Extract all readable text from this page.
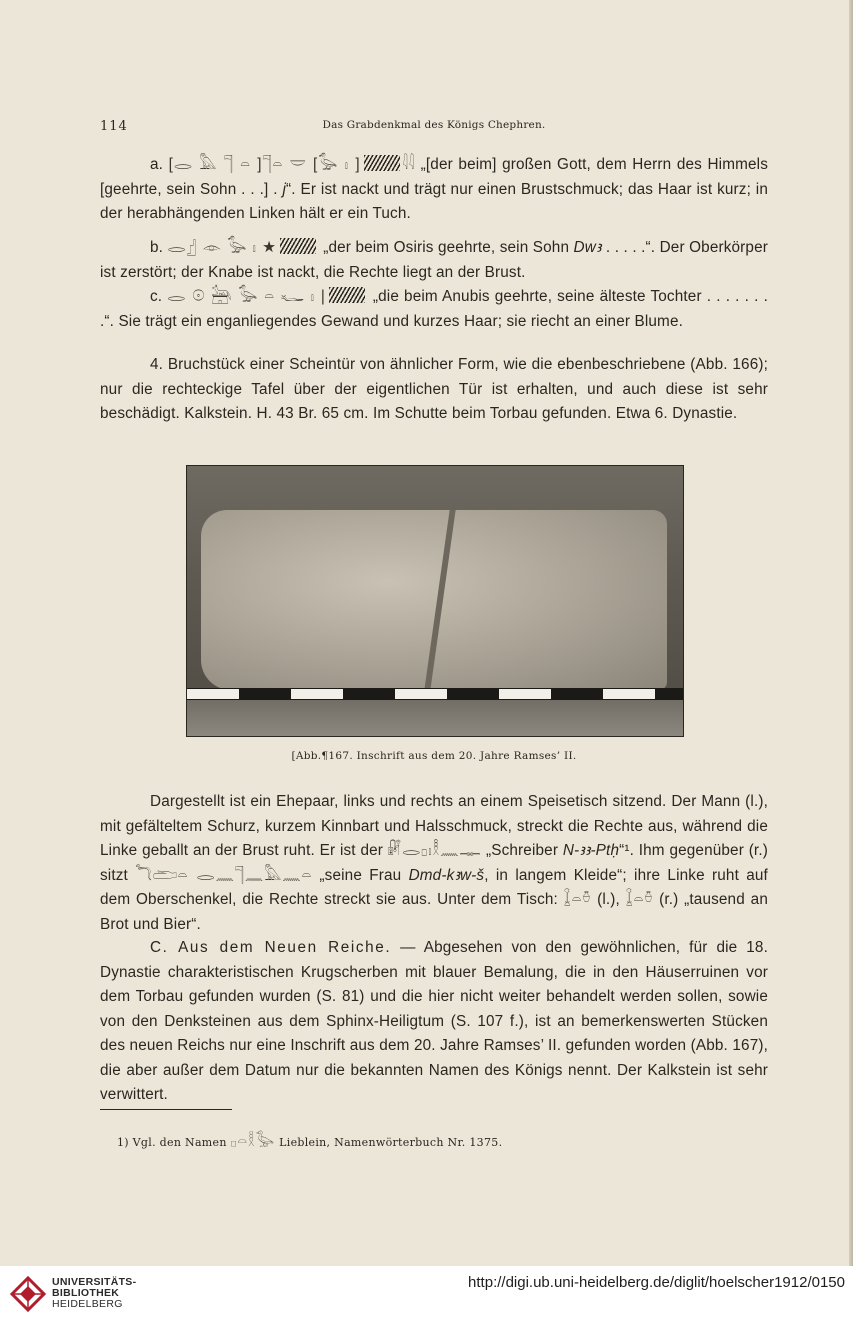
114	Das Grabdenkmal des Königs Chephren.

a. [𓂋 𓅓 𓊹 𓏏 ]𓊹𓏏 𓎟 [𓅭 𓏤 ]	𓇋𓇋 „[der beim] großen Gott, dem Herrn des Himmels [geehrte, sein Sohn . . .] . j“. Er ist nackt und trägt nur einen Brustschmuck; das Haar ist kurz; in der herabhängenden Linken hält er ein Tuch.

b. 𓂋𓊨 𓁹 𓅭 𓏤 ★	„der beim Osiris geehrte, sein Sohn Dwꜣ . . . . .“. Der Oberkörper ist zerstört; der Knabe ist nackt, die Rechte liegt an der Brust.

c. 𓂋 𓇳 𓃣 𓅭 𓏏 𓆑 𓏤 |	„die beim Anubis geehrte, seine älteste Tochter . . . . . . . .“. Sie trägt ein enganliegendes Gewand und kurzes Haar; sie riecht an einer Blume.

4. Bruchstück einer Scheintür von ähnlicher Form, wie die ebenbeschriebene (Abb. 166); nur die rechteckige Tafel über der eigentlichen Tür ist erhalten, und auch diese ist sehr beschädigt. Kalkstein. H. 43 Br. 65 cm. Im Schutte beim Torbau gefunden. Etwa 6. Dynastie.

[Abb.¶167. Inschrift aus dem 20. Jahre Ramses’ II.

Dargestellt ist ein Ehepaar, links und rechts an einem Speisetisch sitzend. Der Mann (l.), mit gefälteltem Schurz, kurzem Kinnbart und Halsschmuck, streckt die Rechte aus, während die Linke geballt an der Brust ruht. Er ist der 𓏞𓂋𓊪𓏤𓎛𓈖𓊃 „Schreiber N-ꜣꜣ-Ptḥ“¹. Ihm gegenüber (r.) sitzt 𓆓𓂧𓏏 𓂋𓈖𓊹𓈖𓅓𓈖𓏏 „seine Frau Dmd-kꜣw-š, in langem Kleide“; ihre Linke ruht auf dem Oberschenkel, die Rechte streckt sie aus. Unter dem Tisch: 𓆼𓏏𓏊 (l.), 𓆼𓏏𓏊 (r.) „tausend an Brot und Bier“.

C. Aus dem Neuen Reiche. — Abgesehen von den gewöhnlichen, für die 18. Dynastie charakteristischen Krugscherben mit blauer Bemalung, die in den Häuserruinen vor dem Torbau gefunden wurden (S. 81) und die hier nicht weiter behandelt werden sollen, sowie von den Denksteinen aus dem Sphinx-Heiligtum (S. 107 f.), ist an bemerkenswerten Stücken des neuen Reichs nur eine Inschrift aus dem 20. Jahre Ramses’ II. gefunden worden (Abb. 167), die aber außer dem Datum nur die bekannten Namen des Königs nennt. Der Kalkstein ist sehr verwittert.

1) Vgl. den Namen 𓊪𓏏𓎛𓅭 Lieblein, Namenwörterbuch Nr. 1375.
UNIVERSITÄTS-
BIBLIOTHEK
HEIDELBERG
http://digi.ub.uni-heidelberg.de/diglit/hoelscher1912/0150
